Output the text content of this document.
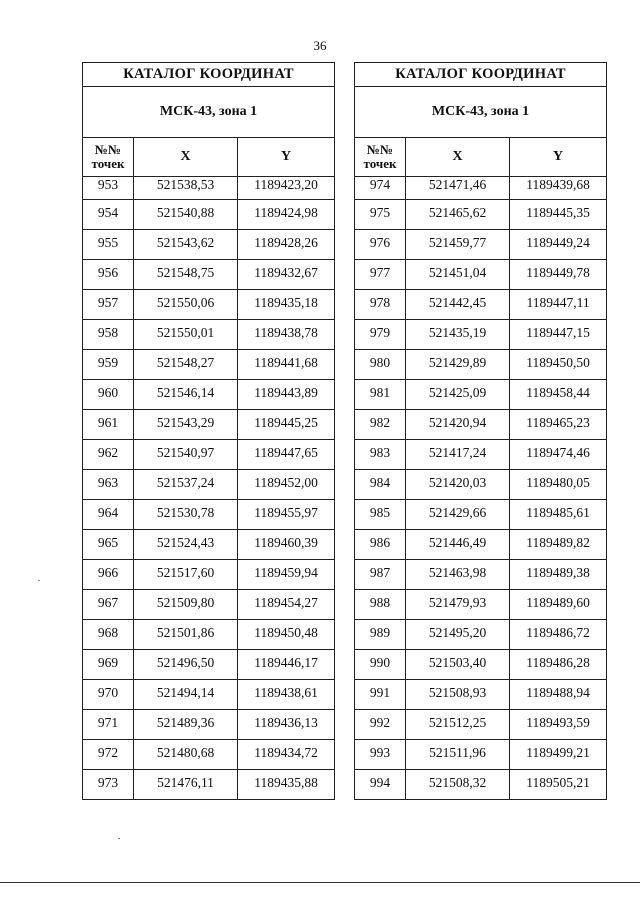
36
КАТАЛОГ КООРДИНАТ		
МСК-43, зона 1		
№№
точек	X	Y
953	521538,53	1189423,20
954	521540,88	1189424,98
955	521543,62	1189428,26
956	521548,75	1189432,67
957	521550,06	1189435,18
958	521550,01	1189438,78
959	521548,27	1189441,68
960	521546,14	1189443,89
961	521543,29	1189445,25
962	521540,97	1189447,65
963	521537,24	1189452,00
964	521530,78	1189455,97
965	521524,43	1189460,39
966	521517,60	1189459,94
967	521509,80	1189454,27
968	521501,86	1189450,48
969	521496,50	1189446,17
970	521494,14	1189438,61
971	521489,36	1189436,13
972	521480,68	1189434,72
973	521476,11	1189435,88
КАТАЛОГ КООРДИНАТ		
МСК-43, зона 1		
№№
точек	X	Y
974	521471,46	1189439,68
975	521465,62	1189445,35
976	521459,77	1189449,24
977	521451,04	1189449,78
978	521442,45	1189447,11
979	521435,19	1189447,15
980	521429,89	1189450,50
981	521425,09	1189458,44
982	521420,94	1189465,23
983	521417,24	1189474,46
984	521420,03	1189480,05
985	521429,66	1189485,61
986	521446,49	1189489,82
987	521463,98	1189489,38
988	521479,93	1189489,60
989	521495,20	1189486,72
990	521503,40	1189486,28
991	521508,93	1189488,94
992	521512,25	1189493,59
993	521511,96	1189499,21
994	521508,32	1189505,21
